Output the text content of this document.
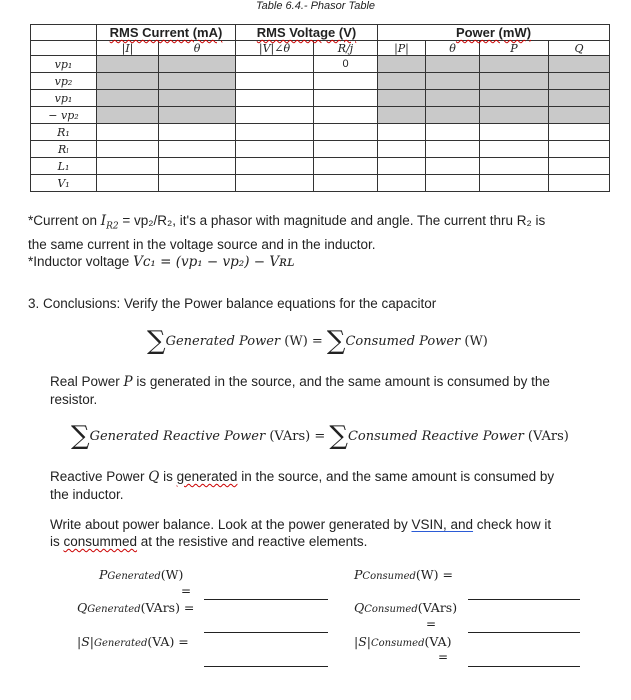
Table 6.4.- Phasor Table
	RMS Current (mA)		RMS Voltage (V)		Power (mW)			
	|I|	θ	|V|∠θ	R/j	|P|	θ	P	Q
vp₁				0				
vp₂								
vp₁								
− vp₂								
R₁								
Rₗ								
L₁								
V₁								
*Current on $I_{R2} = vp_2/R_2$, it's a phasor with magnitude and angle. The current thru R₂ is
the same current in the voltage source and in the inductor.
*Inductor voltage Vᴄ₁ = (vp₁ − vp₂) − Vʀʟ
3. Conclusions: Verify the Power balance equations for the capacitor
∑Generated Power (W) = ∑Consumed Power (W)
Real Power P is generated in the source, and the same amount is consumed by the
resistor.
∑Generated Reactive Power (VArs) = ∑Consumed Reactive Power (VArs)
Reactive Power Q is generated in the source, and the same amount is consumed by
the inductor.
Write about power balance. Look at the power generated by VSIN, and check how it
is consummed at the resistive and reactive elements.
PGenerated(W)
=
PConsumed(W) =
QGenerated(VArs) =	QConsumed(VArs)
=
|S|Generated(VA) =	|S|Consumed(VA)
=
